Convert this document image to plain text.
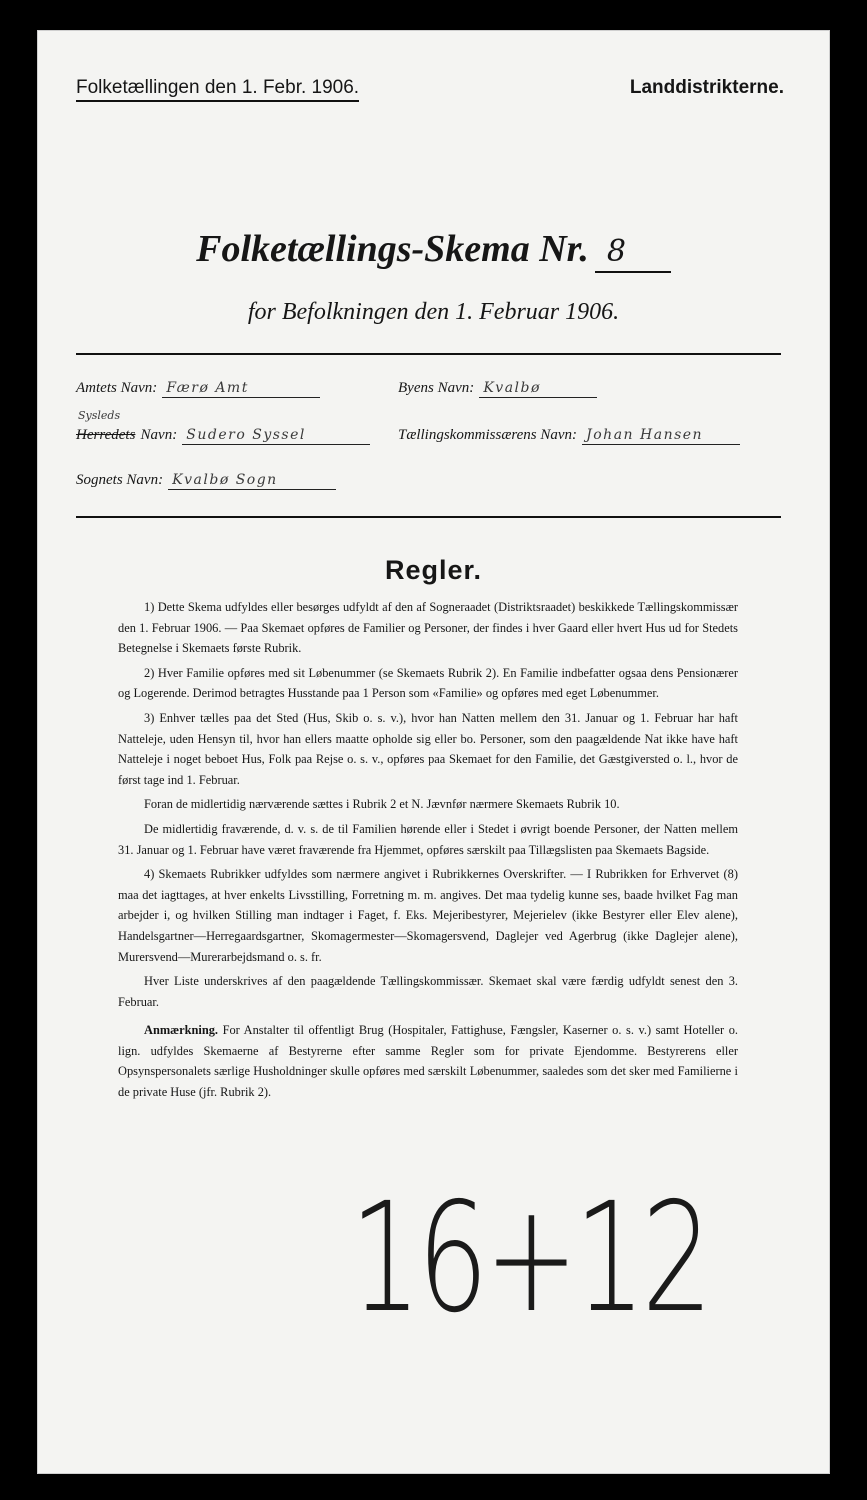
Folketællingen den 1. Febr. 1906.	Landdistrikterne.
Folketællings-Skema Nr. 8
for Befolkningen den 1. Februar 1906.
Amtets Navn: Færø Amt	Byens Navn: Kvalbø
Sysleds
Herredets Navn: Sudero Syssel	Tællingskommissærens Navn: Johan Hansen
Sognets Navn: Kvalbø Sogn
Regler.

1) Dette Skema udfyldes eller besørges udfyldt af den af Sogneraadet (Distriktsraadet) beskikkede Tællingskommissær den 1. Februar 1906. — Paa Skemaet opføres de Familier og Personer, der findes i hver Gaard eller hvert Hus ud for Stedets Betegnelse i Skemaets første Rubrik.

2) Hver Familie opføres med sit Løbenummer (se Skemaets Rubrik 2). En Familie indbefatter ogsaa dens Pensionærer og Logerende. Derimod betragtes Husstande paa 1 Person som «Familie» og opføres med eget Løbenummer.

3) Enhver tælles paa det Sted (Hus, Skib o. s. v.), hvor han Natten mellem den 31. Januar og 1. Februar har haft Natteleje, uden Hensyn til, hvor han ellers maatte opholde sig eller bo. Personer, som den paagældende Nat ikke have haft Natteleje i noget beboet Hus, Folk paa Rejse o. s. v., opføres paa Skemaet for den Familie, det Gæstgiversted o. l., hvor de først tage ind 1. Februar.

Foran de midlertidig nærværende sættes i Rubrik 2 et N. Jævnfør nærmere Skemaets Rubrik 10.

De midlertidig fraværende, d. v. s. de til Familien hørende eller i Stedet i øvrigt boende Personer, der Natten mellem 31. Januar og 1. Februar have været fraværende fra Hjemmet, opføres særskilt paa Tillægslisten paa Skemaets Bagside.

4) Skemaets Rubrikker udfyldes som nærmere angivet i Rubrikkernes Overskrifter. — I Rubrikken for Erhvervet (8) maa det iagttages, at hver enkelts Livsstilling, Forretning m. m. angives. Det maa tydelig kunne ses, baade hvilket Fag man arbejder i, og hvilken Stilling man indtager i Faget, f. Eks. Mejeribestyrer, Mejerielev (ikke Bestyrer eller Elev alene), Handelsgartner—Herregaardsgartner, Skomagermester—Skomagersvend, Daglejer ved Agerbrug (ikke Daglejer alene), Murersvend—Murerarbejdsmand o. s. fr.

Hver Liste underskrives af den paagældende Tællingskommissær. Skemaet skal være færdig udfyldt senest den 3. Februar.

Anmærkning. For Anstalter til offentligt Brug (Hospitaler, Fattighuse, Fængsler, Kaserner o. s. v.) samt Hoteller o. lign. udfyldes Skemaerne af Bestyrerne efter samme Regler som for private Ejendomme. Bestyrerens eller Opsynspersonalets særlige Husholdninger skulle opføres med særskilt Løbenummer, saaledes som det sker med Familierne i de private Huse (jfr. Rubrik 2).

16+12
